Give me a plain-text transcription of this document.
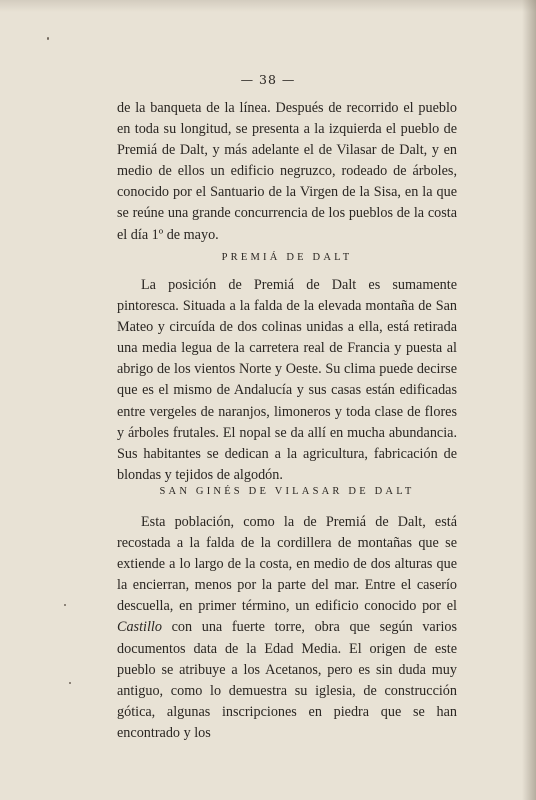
— 38 —

de la banqueta de la línea. Después de recorrido el pueblo en toda su longitud, se presenta a la izquierda el pueblo de Premiá de Dalt, y más adelante el de Vilasar de Dalt, y en medio de ellos un edificio negruzco, rodeado de árboles, conocido por el Santuario de la Virgen de la Sisa, en la que se reúne una grande concurrencia de los pueblos de la costa el día 1º de mayo.

PREMIÁ DE DALT

La posición de Premiá de Dalt es sumamente pintoresca. Situada a la falda de la elevada montaña de San Mateo y circuída de dos colinas unidas a ella, está retirada una media legua de la carretera real de Francia y puesta al abrigo de los vientos Norte y Oeste. Su clima puede decirse que es el mismo de Andalucía y sus casas están edificadas entre vergeles de naranjos, limoneros y toda clase de flores y árboles frutales. El nopal se da allí en mucha abundancia. Sus habitantes se dedican a la agricultura, fabricación de blondas y tejidos de algodón.

SAN GINÉS DE VILASAR DE DALT

Esta población, como la de Premiá de Dalt, está recostada a la falda de la cordillera de montañas que se extiende a lo largo de la costa, en medio de dos alturas que la encierran, menos por la parte del mar. Entre el caserío descuella, en primer término, un edificio conocido por el Castillo con una fuerte torre, obra que según varios documentos data de la Edad Media. El origen de este pueblo se atribuye a los Acetanos, pero es sin duda muy antiguo, como lo demuestra su iglesia, de construcción gótica, algunas inscripciones en piedra que se han encontrado y los
